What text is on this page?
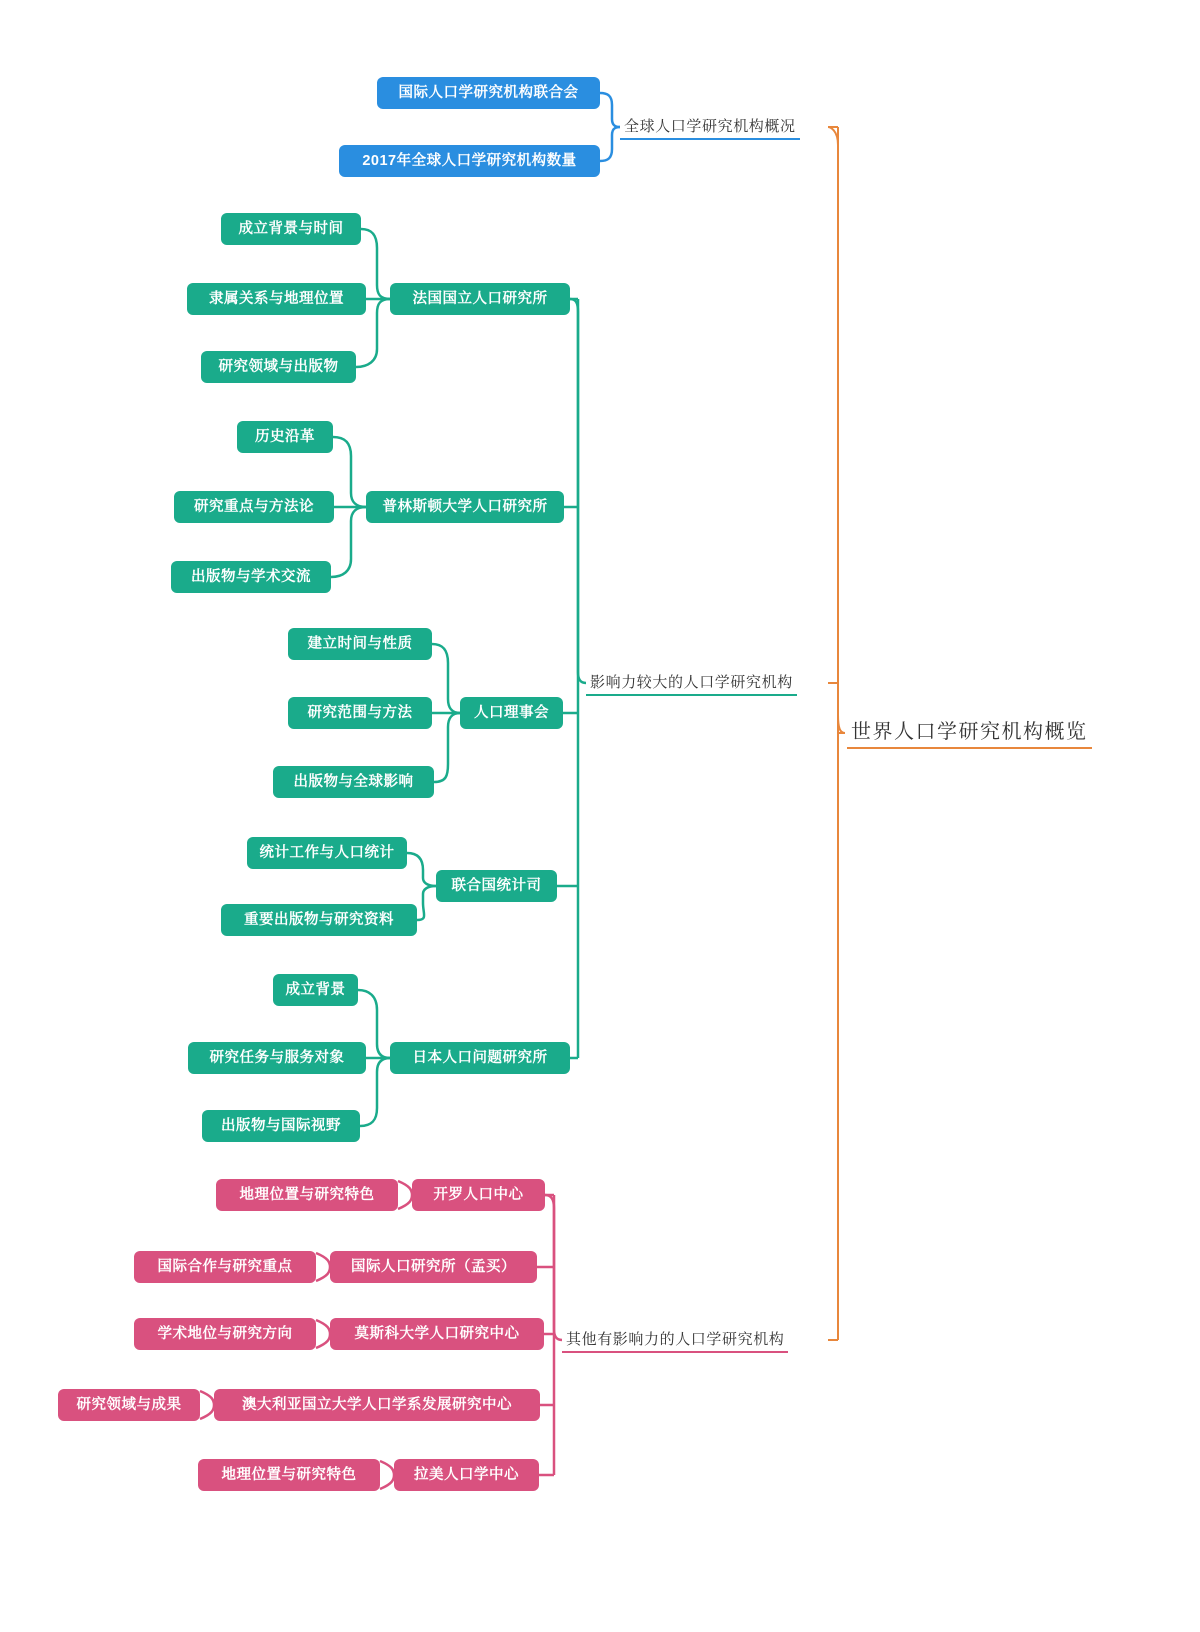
世界人口学研究机构概览
全球人口学研究机构概况
国际人口学研究机构联合会
2017年全球人口学研究机构数量
影响力较大的人口学研究机构
法国国立人口研究所
成立背景与时间
隶属关系与地理位置
研究领域与出版物
普林斯顿大学人口研究所
历史沿革
研究重点与方法论
出版物与学术交流
人口理事会
建立时间与性质
研究范围与方法
出版物与全球影响
联合国统计司
统计工作与人口统计
重要出版物与研究资料
日本人口问题研究所
成立背景
研究任务与服务对象
出版物与国际视野
其他有影响力的人口学研究机构
开罗人口中心
地理位置与研究特色
国际人口研究所（孟买）
国际合作与研究重点
莫斯科大学人口研究中心
学术地位与研究方向
澳大利亚国立大学人口学系发展研究中心
研究领域与成果
拉美人口学中心
地理位置与研究特色
